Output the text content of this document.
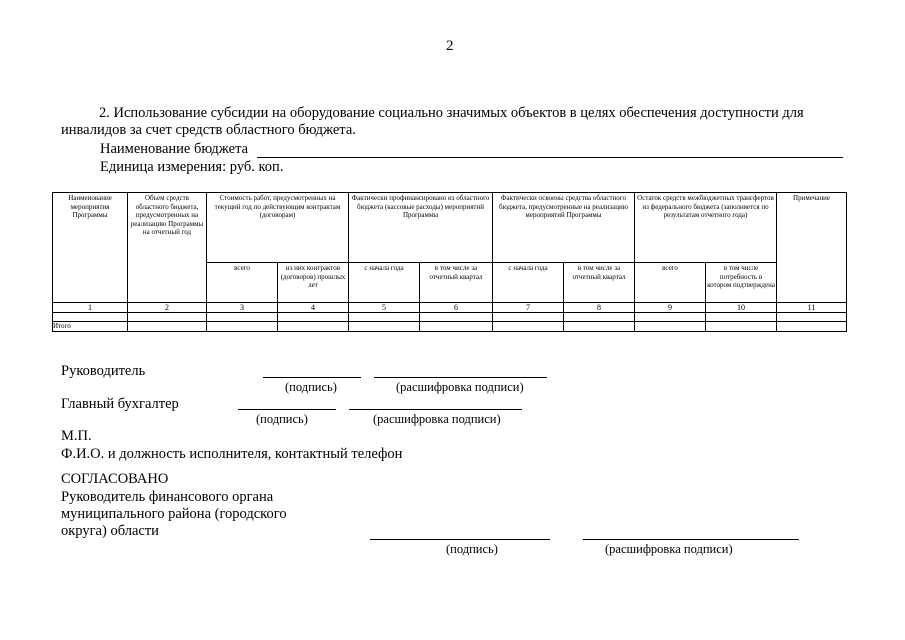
2
2. Использование субсидии на оборудование социально значимых объектов в целях обеспечения доступности для инвалидов за счет средств областного бюджета.
Наименование бюджета
Единица измерения: руб. коп.
Наименование мероприятия Программы	Объем средств областного бюджета, предусмотренных на реализацию Программы на отчетный год	Стоимость работ, предусмотренных на текущий год по действующим контрактам (договорам)		Фактически профинансировано из областного бюджета (кассовые расходы) мероприятий Программы		Фактически освоены средства областного бюджета, предусмотренные на реализацию мероприятий Программы		Остаток средств межбюджетных трансфертов из федерального бюджета (заполняется по результатам отчетного года)		Примечание
		всего	из них контрактов (договоров) прошлых лет	с начала года	в том числе за отчетный квартал	с начала года	в том числе за отчетный квартал	всего	в том числе потребность в котором подтверждена	
1	2	3	4	5	6	7	8	9	10	11

Итого										
Руководитель
(подпись)	(расшифровка подписи)
Главный бухгалтер
(подпись)	(расшифровка подписи)
М.П.
Ф.И.О. и должность исполнителя, контактный телефон
СОГЛАСОВАНО
Руководитель финансового органа
муниципального района (городского
округа) области
(подпись)	(расшифровка подписи)
